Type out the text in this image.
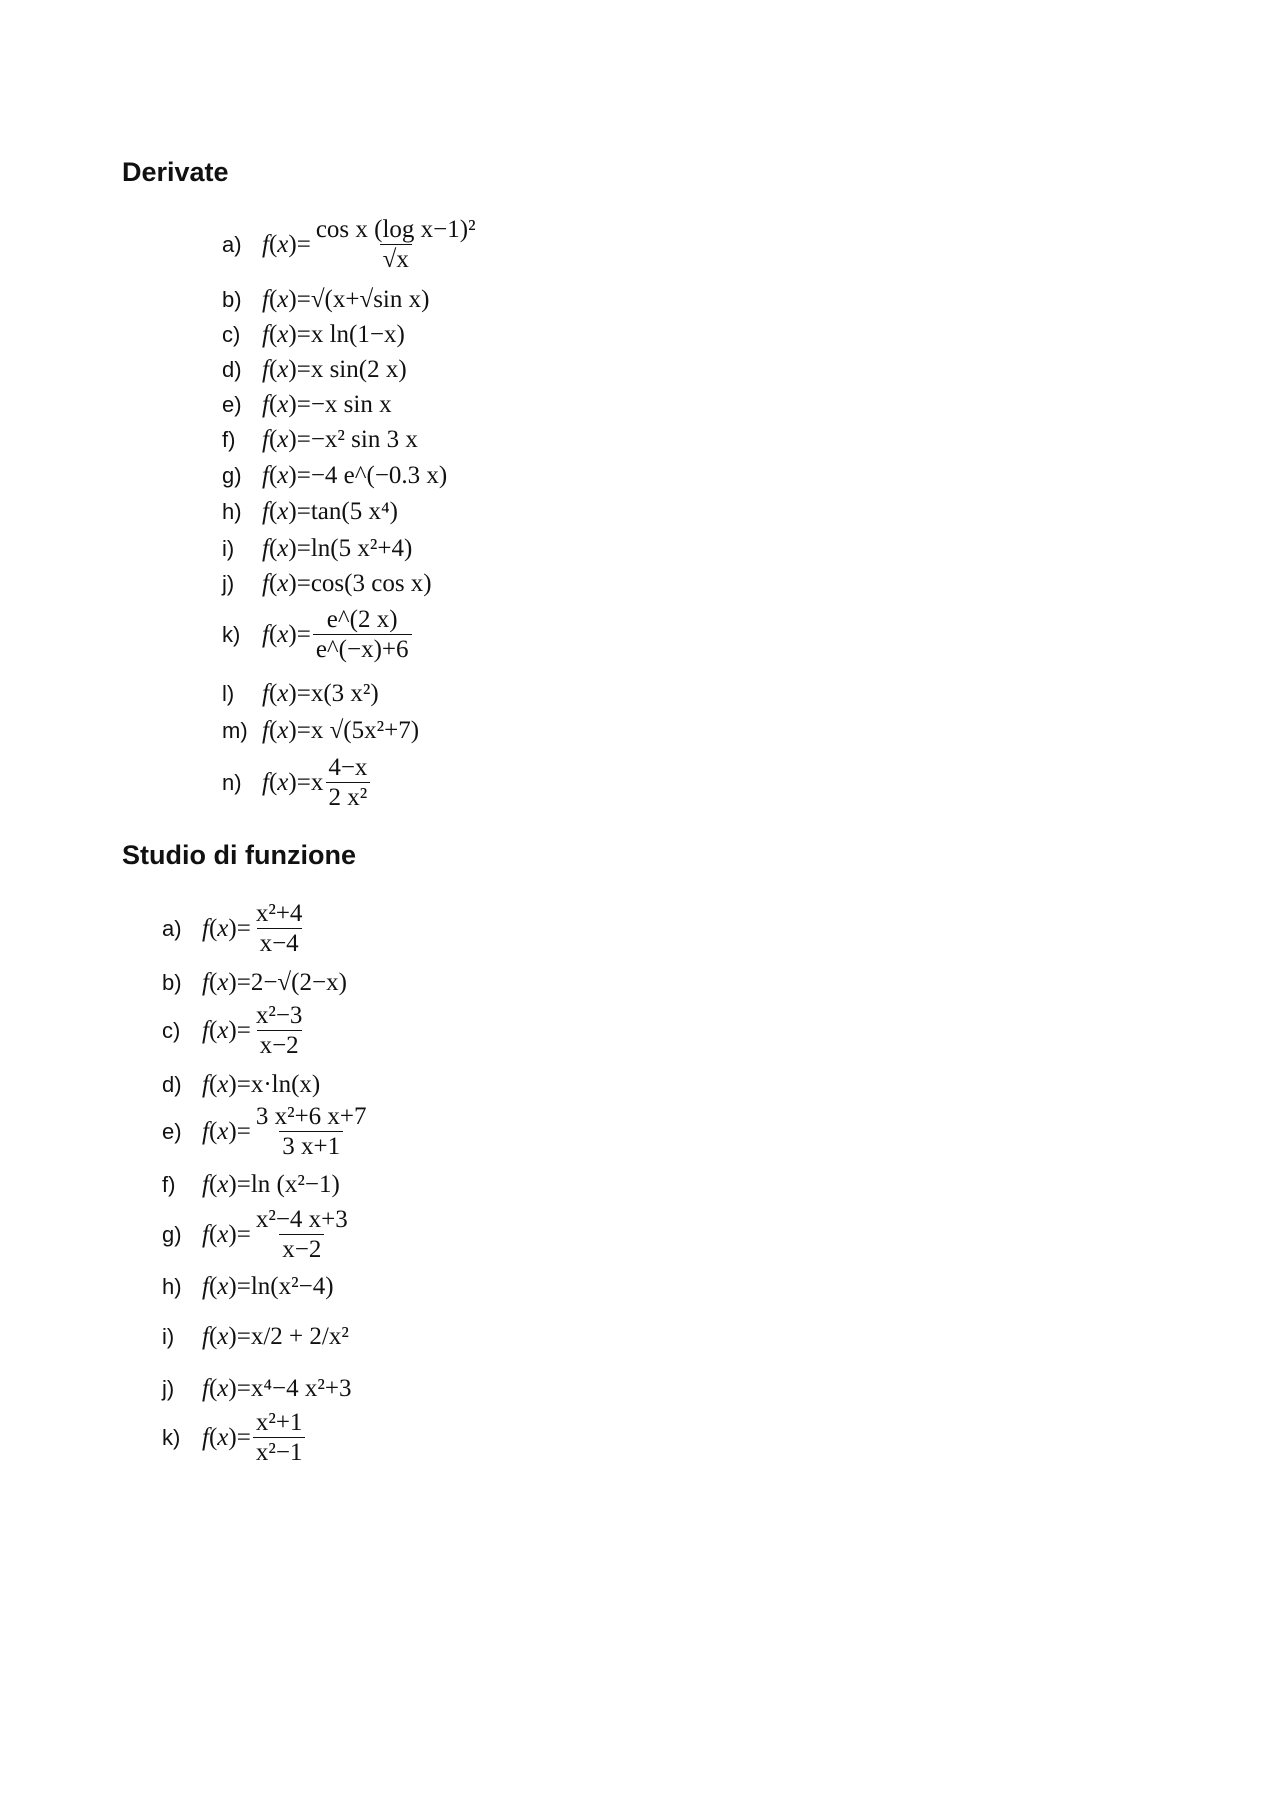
Derivate
a) f ( x )= $\frac{\text{cos x (log x−1)²}}{√x}$
b) f ( x )= √(x+√sin x)
c) f ( x )= x ln(1−x)
d) f ( x )= x sin(2 x)
e) f ( x )= −x sin x
f)	f ( x )= −x² sin 3 x
g) f ( x )= −4 e^(−0.3 x)
h) f ( x )= tan(5 x⁴)
i)	f ( x )= ln(5 x²+4)
j)	f ( x )= cos(3 cos x)
k) f ( x )= $\frac{e\^{}(2 x)}{e\^{}(-x)+6}$
l)	f ( x )= x(3 x²)
m) f ( x )= x √(5x²+7)
n) f ( x )= x $\frac{4-x}{\text{2 x²}}$
Studio di funzione
a) f ( x )= $\frac{\text{x²+4}}{x-4}$
b) f ( x )= 2−√(2−x)
c) f ( x )= $\frac{\text{x²−3}}{x-2}$
d) f ( x )= x·ln(x)
e) f ( x )= $\frac{\text{3 x²+6 x+7}}{3 x+1}$
f)	f ( x )= ln (x²−1)
g) f ( x )= $\frac{\text{x²−4 x+3}}{x-2}$
h) f ( x )= ln(x²−4)
i)	f ( x )= x/2 + 2/x²
j)	f ( x )= x⁴−4 x²+3
k) f ( x )= $\frac{\text{x²+1}}{\text{x²−1}}$
